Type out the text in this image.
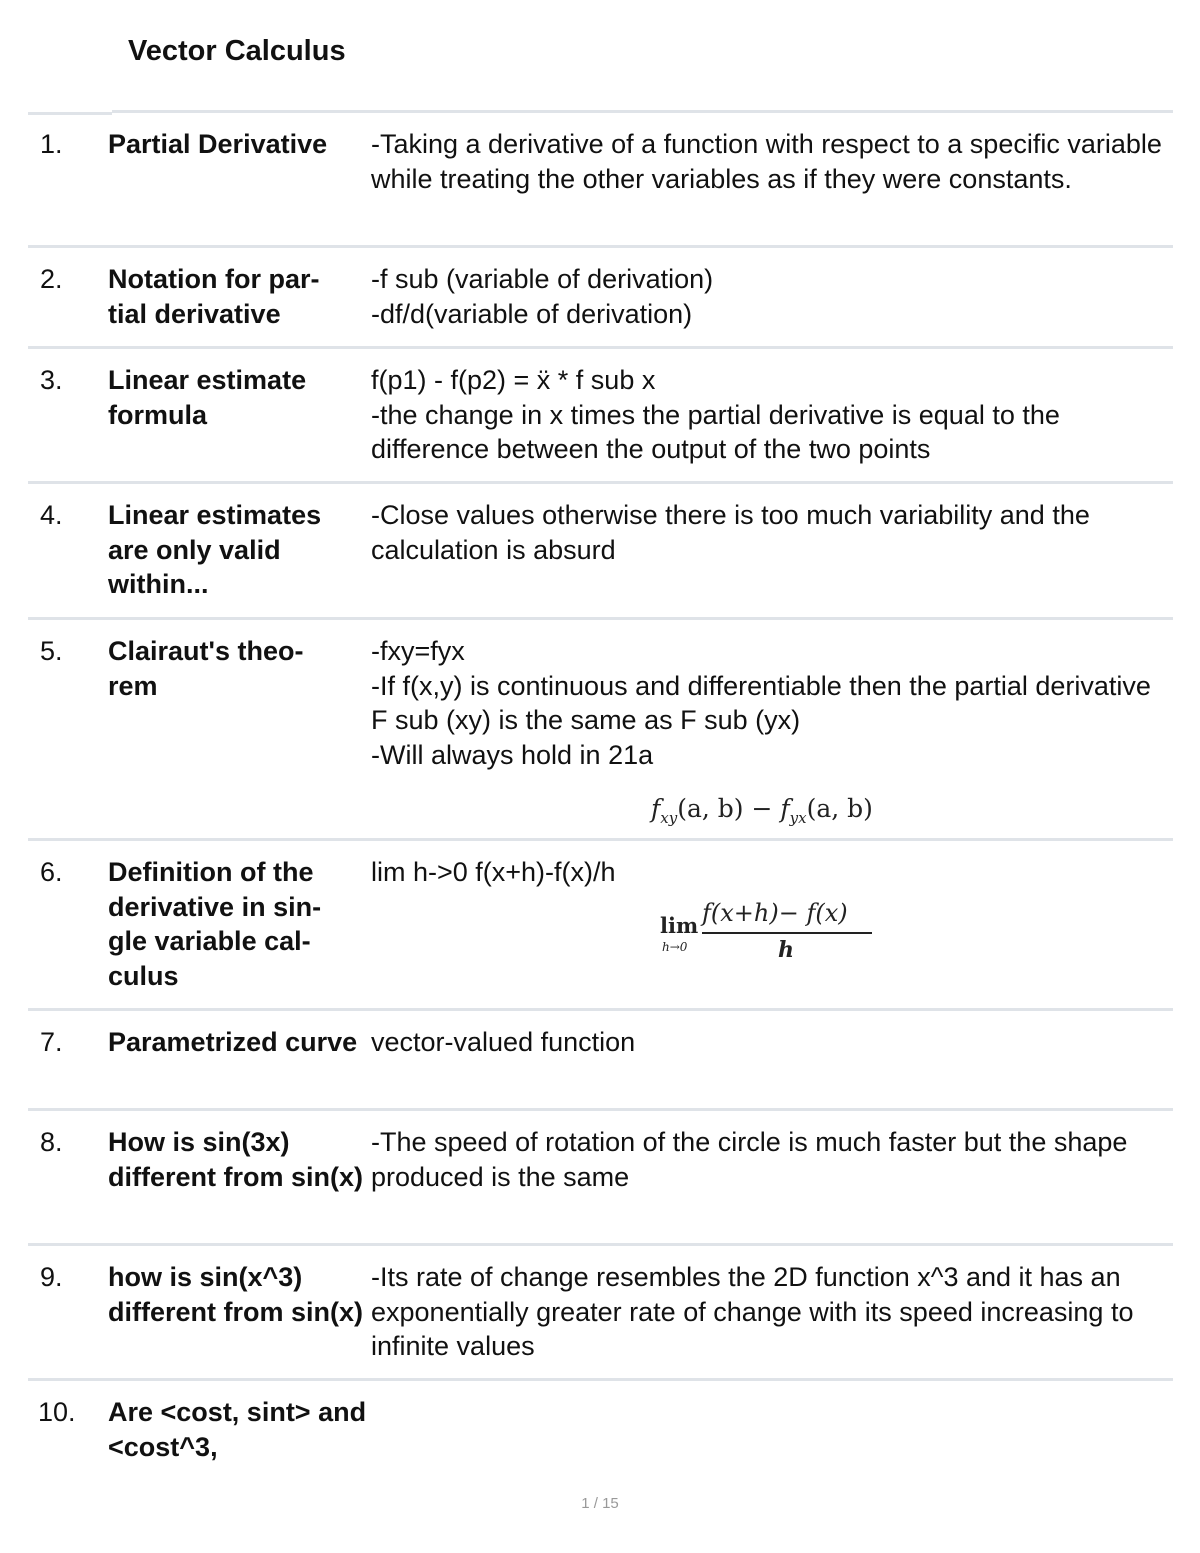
Vector Calculus
1. Partial Derivative	-Taking a derivative of a function with respect to a specific variable while treating the other variables as if they were constants.
2. Notation for par-
tial derivative
-f sub (variable of derivation)
-df/d(variable of derivation)
3. Linear estimate formula
f(p1) - f(p2) = ẍ * f sub x
-the change in x times the partial derivative is equal to the difference between the output of the two points
4. Linear estimates are only valid within...
-Close values otherwise there is too much variability and the calculation is absurd
5. Clairaut's theo-
rem
-fxy=fyx
-If f(x,y) is continuous and differentiable then the partial derivative F sub (xy) is the same as F sub (yx)
-Will always hold in 21a
$f_{xy}(a$, $b) - f_{yx}(a$, b)
6. Definition of the derivative in sin-
gle variable cal-
culus
lim h->0 f(x+h)-f(x)/h
lim
h→0
f(x+h)− f(x)
h
7. Parametrized curve vector-valued function
8. How is sin(3x) different from sin(x)
-The speed of rotation of the circle is much faster but the shape produced is the same
9. how is sin(x^3) different from sin(x)
-Its rate of change resembles the 2D function x^3 and it has an exponentially greater rate of change with its speed increasing to infinite values
10. Are <cost, sint> and <cost^3,
1 / 15
